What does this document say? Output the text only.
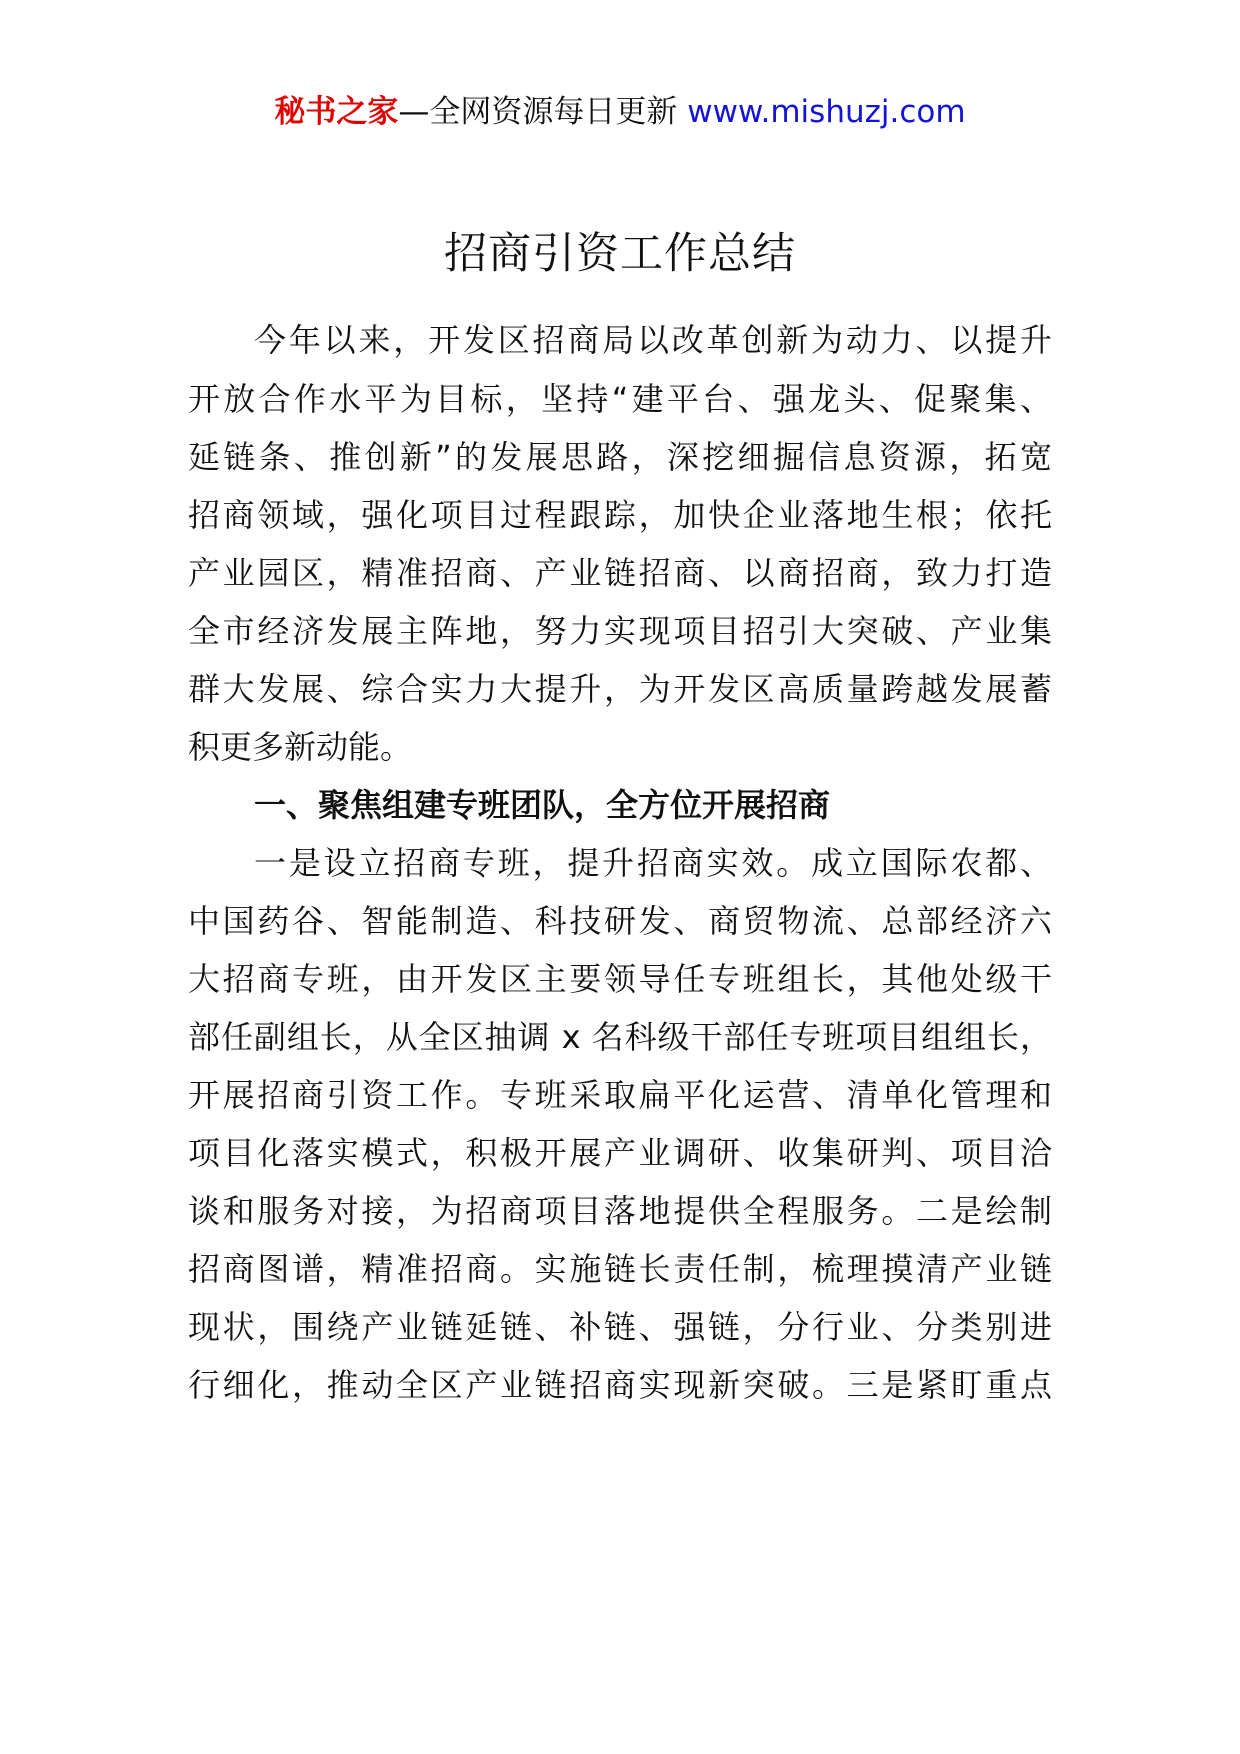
秘书之家—全网资源每日更新 www.mishuzj.com
招商引资工作总结
今年以来，开发区招商局以改革创新为动力、以提升
开放合作水平为目标，坚持“建平台、强龙头、促聚集、
延链条、推创新”的发展思路，深挖细掘信息资源，拓宽
招商领域，强化项目过程跟踪，加快企业落地生根；依托
产业园区，精准招商、产业链招商、以商招商，致力打造
全市经济发展主阵地，努力实现项目招引大突破、产业集
群大发展、综合实力大提升，为开发区高质量跨越发展蓄
积更多新动能。
一、聚焦组建专班团队，全方位开展招商
一是设立招商专班，提升招商实效。成立国际农都、
中国药谷、智能制造、科技研发、商贸物流、总部经济六
大招商专班，由开发区主要领导任专班组长，其他处级干
部任副组长，从全区抽调 x 名科级干部任专班项目组组长，
开展招商引资工作。专班采取扁平化运营、清单化管理和
项目化落实模式，积极开展产业调研、收集研判、项目洽
谈和服务对接，为招商项目落地提供全程服务。二是绘制
招商图谱，精准招商。实施链长责任制，梳理摸清产业链
现状，围绕产业链延链、补链、强链，分行业、分类别进
行细化，推动全区产业链招商实现新突破。三是紧盯重点
